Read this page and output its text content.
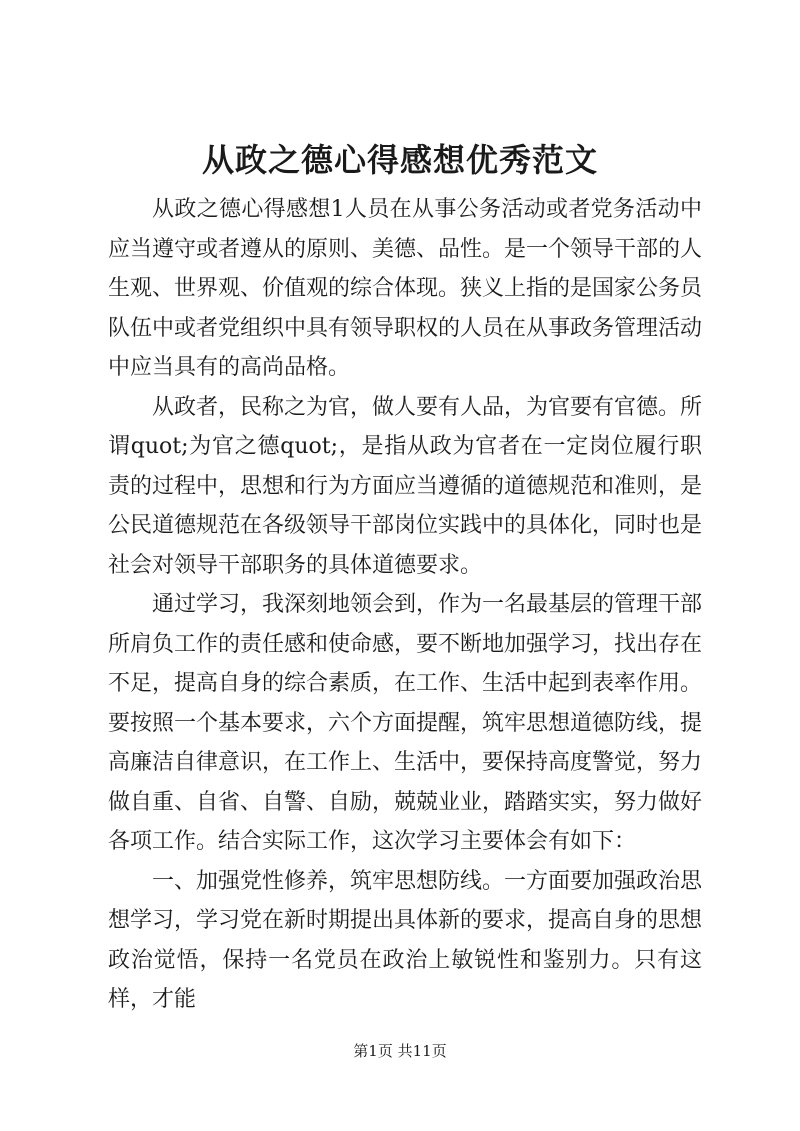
从政之德心得感想优秀范文

从政之德心得感想1人员在从事公务活动或者党务活动中应当遵守或者遵从的原则、美德、品性。是一个领导干部的人生观、世界观、价值观的综合体现。狭义上指的是国家公务员队伍中或者党组织中具有领导职权的人员在从事政务管理活动中应当具有的高尚品格。

从政者，民称之为官，做人要有人品，为官要有官德。所谓quot;为官之德quot;，是指从政为官者在一定岗位履行职责的过程中，思想和行为方面应当遵循的道德规范和准则，是公民道德规范在各级领导干部岗位实践中的具体化，同时也是社会对领导干部职务的具体道德要求。

通过学习，我深刻地领会到，作为一名最基层的管理干部所肩负工作的责任感和使命感，要不断地加强学习，找出存在不足，提高自身的综合素质，在工作、生活中起到表率作用。要按照一个基本要求，六个方面提醒，筑牢思想道德防线，提高廉洁自律意识，在工作上、生活中，要保持高度警觉，努力做自重、自省、自警、自励，兢兢业业，踏踏实实，努力做好各项工作。结合实际工作，这次学习主要体会有如下：

一、加强党性修养，筑牢思想防线。一方面要加强政治思想学习，学习党在新时期提出具体新的要求，提高自身的思想政治觉悟，保持一名党员在政治上敏锐性和鉴别力。只有这样，才能

第1页 共11页
